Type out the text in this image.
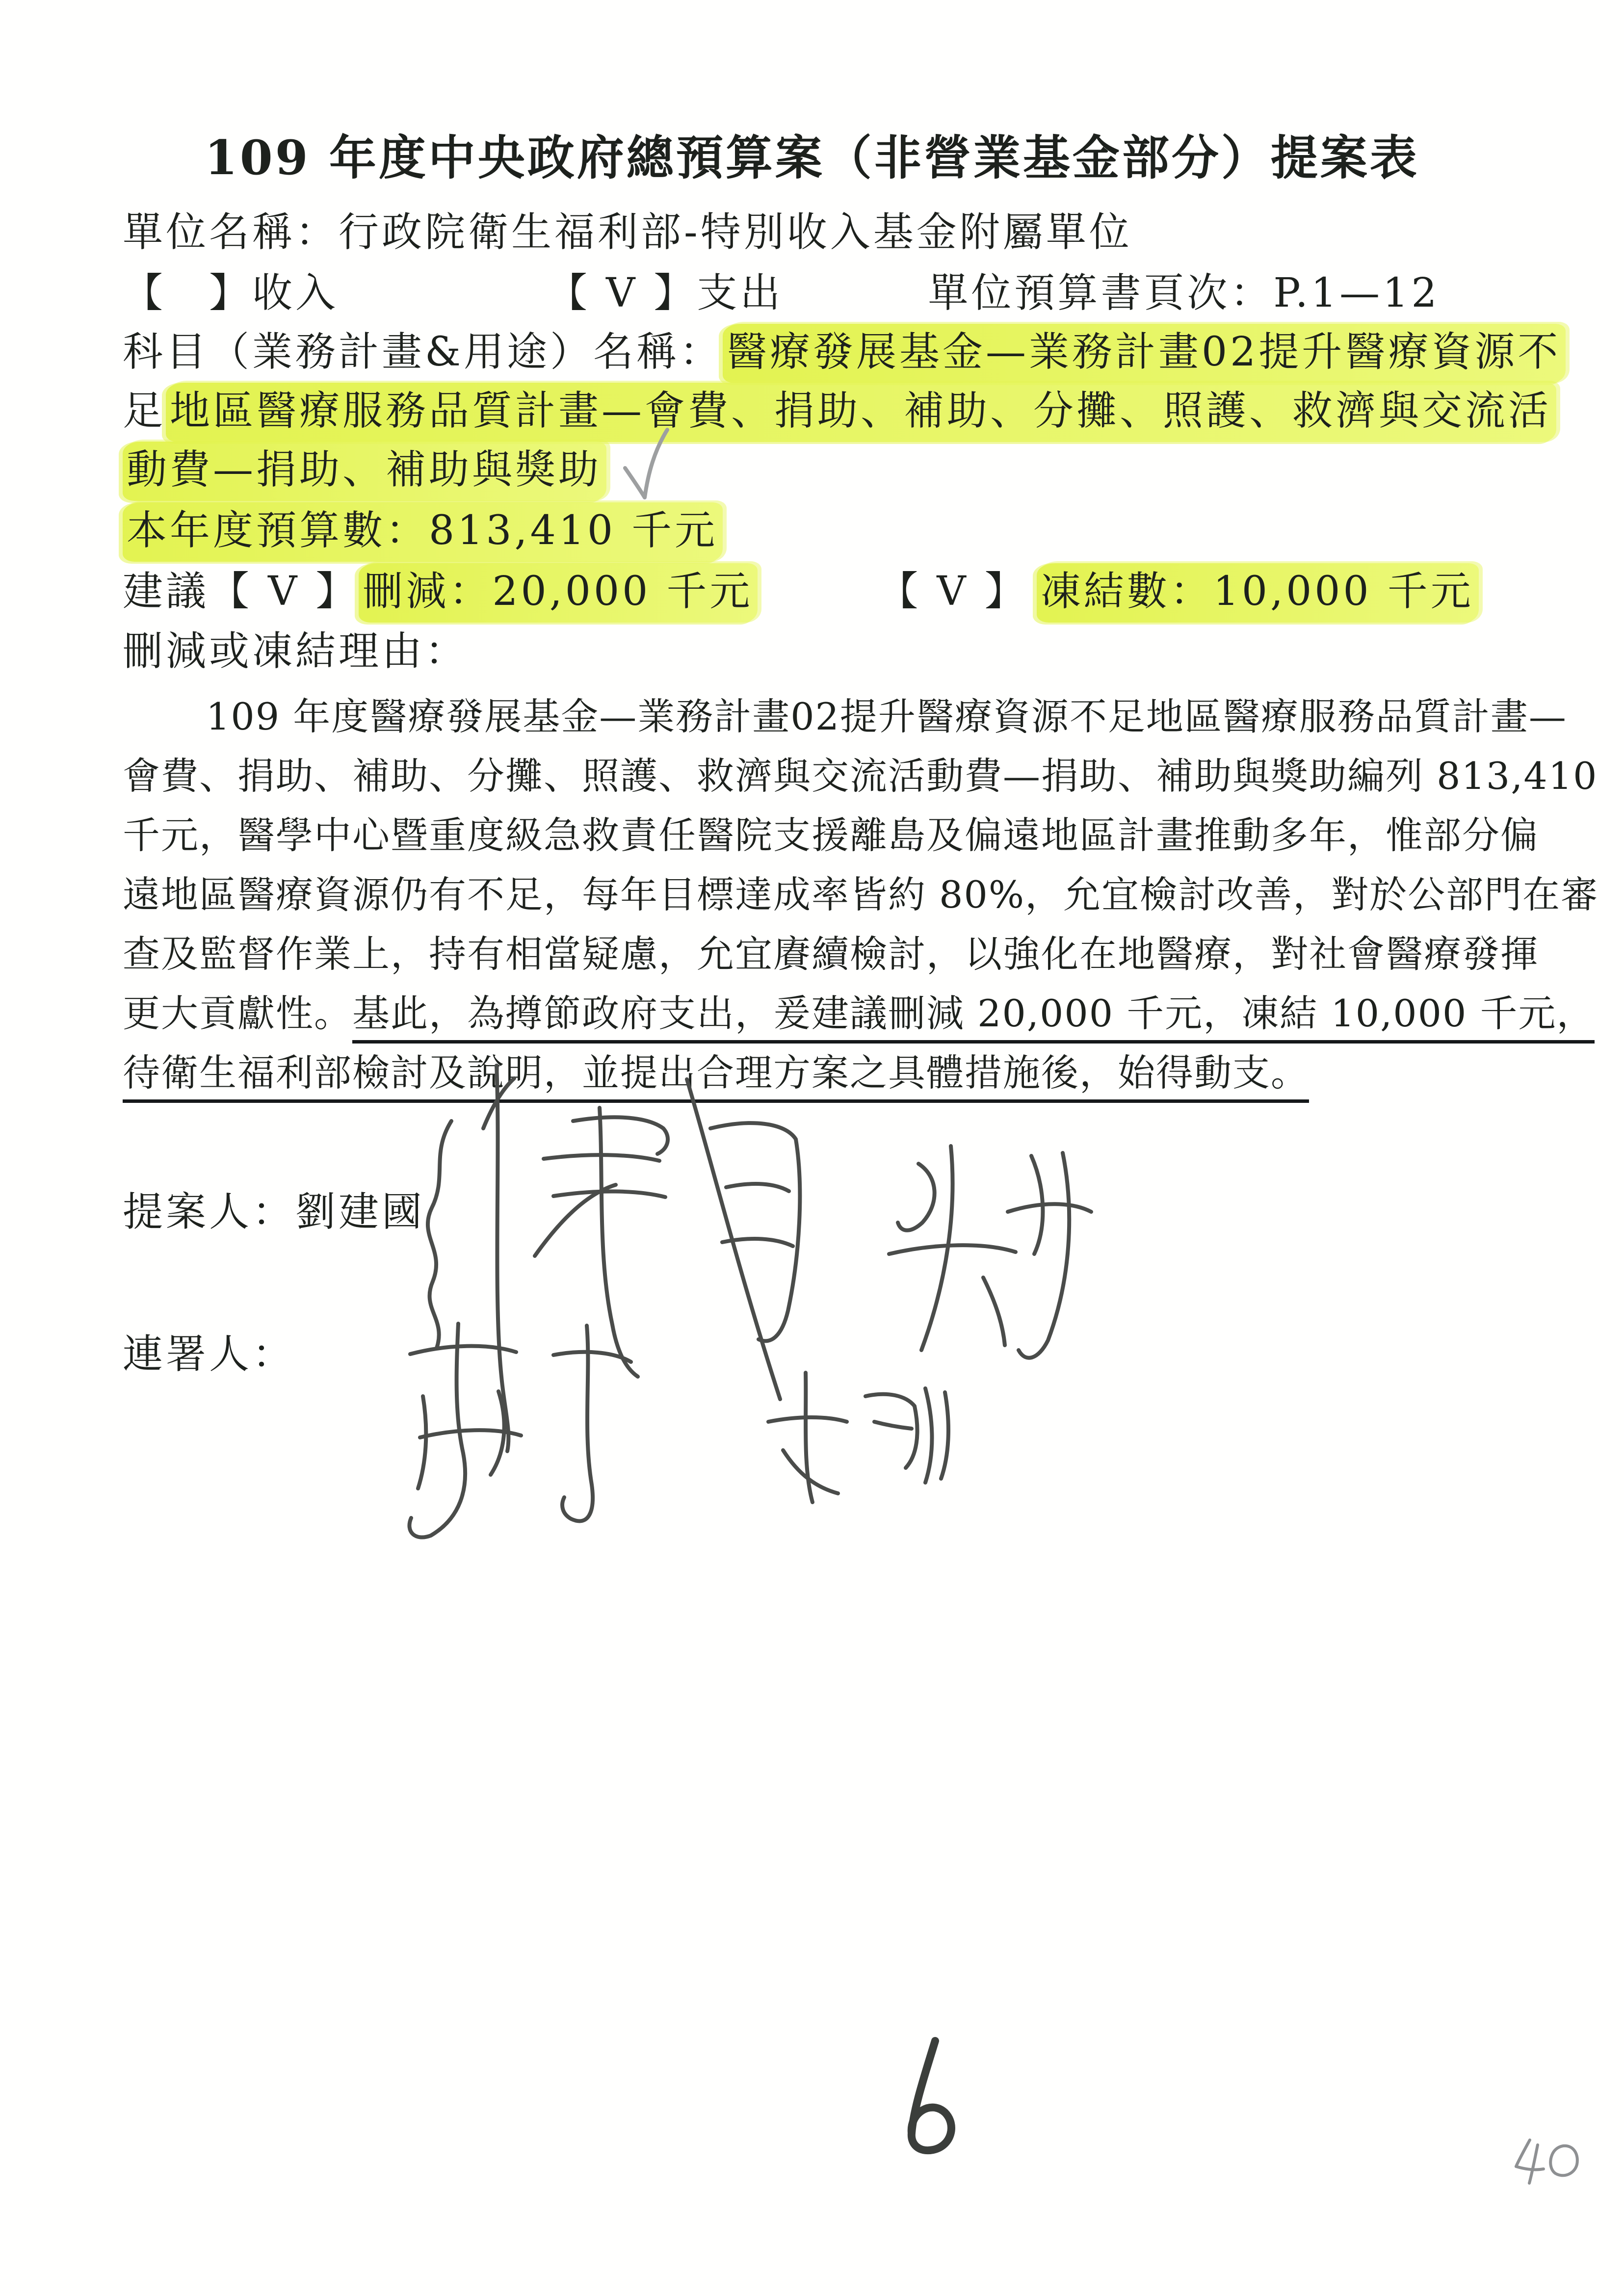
109 年度中央政府總預算案（非營業基金部分）提案表
單位名稱：行政院衛生福利部-特別收入基金附屬單位
【　】收入	【 V 】支出	單位預算書頁次：P.1—12
科目（業務計畫&用途）名稱：醫療發展基金—業務計畫02提升醫療資源不
足地區醫療服務品質計畫—會費、捐助、補助、分攤、照護、救濟與交流活
動費—捐助、補助與獎助
本年度預算數：813,410 千元
建議【 V 】刪減：20,000 千元	【 V 】 凍結數：10,000 千元
刪減或凍結理由：
109 年度醫療發展基金—業務計畫02提升醫療資源不足地區醫療服務品質計畫—
會費、捐助、補助、分攤、照護、救濟與交流活動費—捐助、補助與獎助編列 813,410
千元，醫學中心暨重度級急救責任醫院支援離島及偏遠地區計畫推動多年，惟部分偏
遠地區醫療資源仍有不足，每年目標達成率皆約 80%，允宜檢討改善，對於公部門在審
查及監督作業上，持有相當疑慮，允宜賡續檢討，以強化在地醫療，對社會醫療發揮
更大貢獻性。基此，為撙節政府支出，爰建議刪減 20,000 千元，凍結 10,000 千元，
待衛生福利部檢討及說明，並提出合理方案之具體措施後，始得動支。
提案人：劉建國
連署人：
